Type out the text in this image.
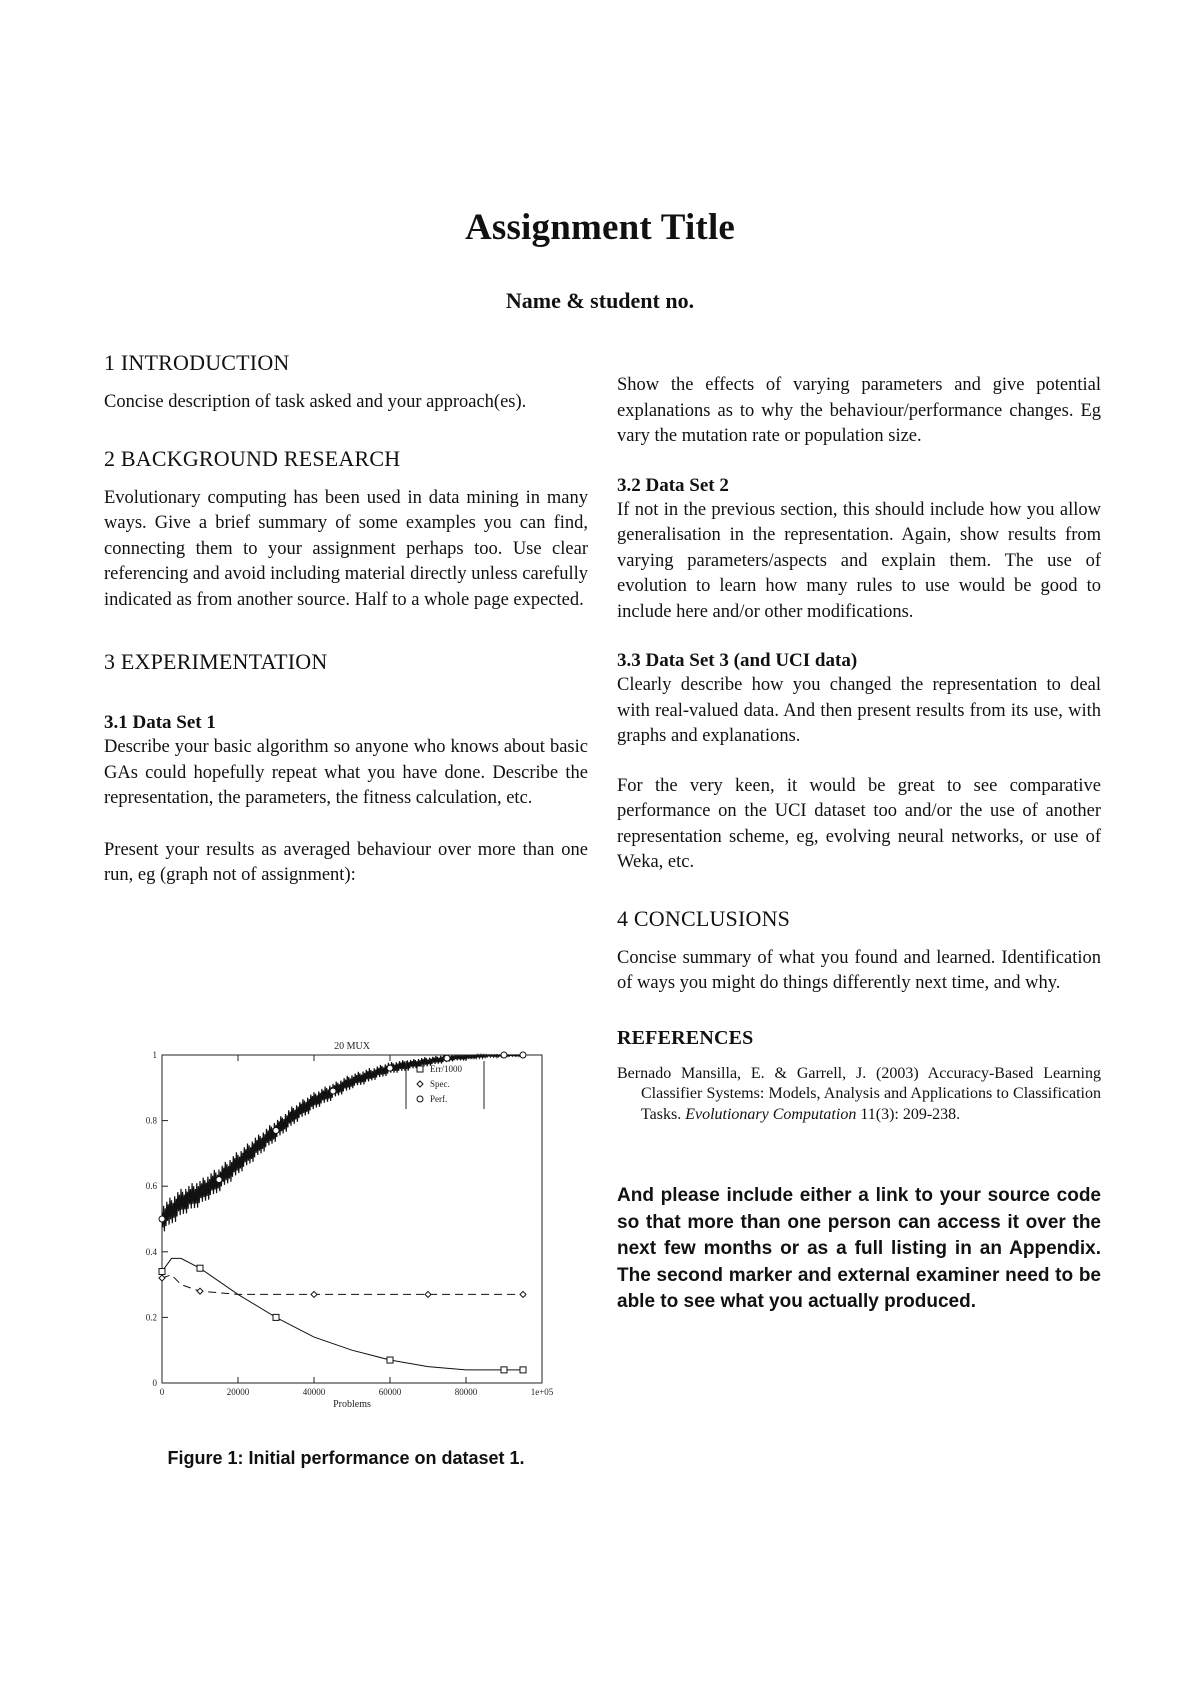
Assignment Title
Name & student no.
1 INTRODUCTION

Concise description of task asked and your approach(es).

2 BACKGROUND RESEARCH

Evolutionary computing has been used in data mining in many ways. Give a brief summary of some examples you can find, connecting them to your assignment perhaps too. Use clear referencing and avoid including material directly unless carefully indicated as from another source. Half to a whole page expected.

3 EXPERIMENTATION
3.1 Data Set 1

Describe your basic algorithm so anyone who knows about basic GAs could hopefully repeat what you have done. Describe the representation, the parameters, the fitness calculation, etc.

Present your results as averaged behaviour over more than one run, eg (graph not of assignment):

0	20000	40000	60000	80000	1e+05
0
0.2
0.4
0.6
0.8
1
Problems
20 MUX
Err/1000
Spec.
Perf.
Figure 1: Initial performance on dataset 1.

Show the effects of varying parameters and give potential explanations as to why the behaviour/performance changes. Eg vary the mutation rate or population size.

3.2 Data Set 2

If not in the previous section, this should include how you allow generalisation in the representation. Again, show results from varying parameters/aspects and explain them. The use of evolution to learn how many rules to use would be good to include here and/or other modifications.

3.3 Data Set 3 (and UCI data)

Clearly describe how you changed the representation to deal with real-valued data. And then present results from its use, with graphs and explanations.

For the very keen, it would be great to see comparative performance on the UCI dataset too and/or the use of another representation scheme, eg, evolving neural networks, or use of Weka, etc.

4 CONCLUSIONS

Concise summary of what you found and learned. Identification of ways you might do things differently next time, and why.

REFERENCES

Bernado Mansilla, E. & Garrell, J. (2003) Accuracy-Based Learning Classifier Systems: Models, Analysis and Applications to Classification Tasks. Evolutionary Computation 11(3): 209-238.

And please include either a link to your source code so that more than one person can access it over the next few months or as a full listing in an Appendix. The second marker and external examiner need to be able to see what you actually produced.
